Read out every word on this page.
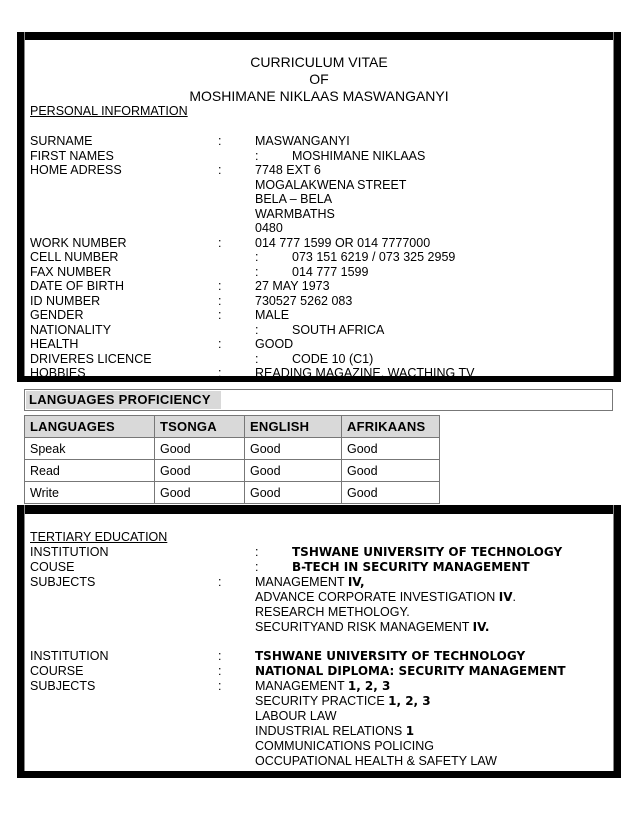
CURRICULUM VITAE
OF
MOSHIMANE NIKLAAS MASWANGANYI
PERSONAL INFORMATION
SURNAME	:	MASWANGANYI
FIRST NAMES	:	MOSHIMANE NIKLAAS
HOME ADRESS	:	7748 EXT 6
MOGALAKWENA STREET
BELA – BELA
WARMBATHS
0480
WORK NUMBER	:	014 777 1599 OR 014 7777000
CELL NUMBER	:	073 151 6219 / 073 325 2959
FAX NUMBER	:	014 777 1599
DATE OF BIRTH	:	27 MAY 1973
ID NUMBER	:	730527 5262 083
GENDER	:	MALE
NATIONALITY	:	SOUTH AFRICA
HEALTH	:	GOOD
DRIVERES LICENCE	:	CODE 10 (C1)
HOBBIES	:	READING MAGAZINE, WACTHING TV
LANGUAGES PROFICIENCY
LANGUAGES	TSONGA	ENGLISH	AFRIKAANS
Speak	Good	Good	Good
Read	Good	Good	Good
Write	Good	Good	Good
TERTIARY EDUCATION
INSTITUTION	:	TSHWANE UNIVERSITY OF TECHNOLOGY
COUSE	:	B-TECH IN SECURITY MANAGEMENT
SUBJECTS	:	MANAGEMENT IV,
ADVANCE CORPORATE INVESTIGATION IV.
RESEARCH METHOLOGY.
SECURITYAND RISK MANAGEMENT IV.
INSTITUTION	:	TSHWANE UNIVERSITY OF TECHNOLOGY
COURSE	:	NATIONAL DIPLOMA: SECURITY MANAGEMENT
SUBJECTS	:	MANAGEMENT 1, 2, 3
SECURITY PRACTICE 1, 2, 3
LABOUR LAW
INDUSTRIAL RELATIONS 1
COMMUNICATIONS POLICING
OCCUPATIONAL HEALTH & SAFETY LAW
